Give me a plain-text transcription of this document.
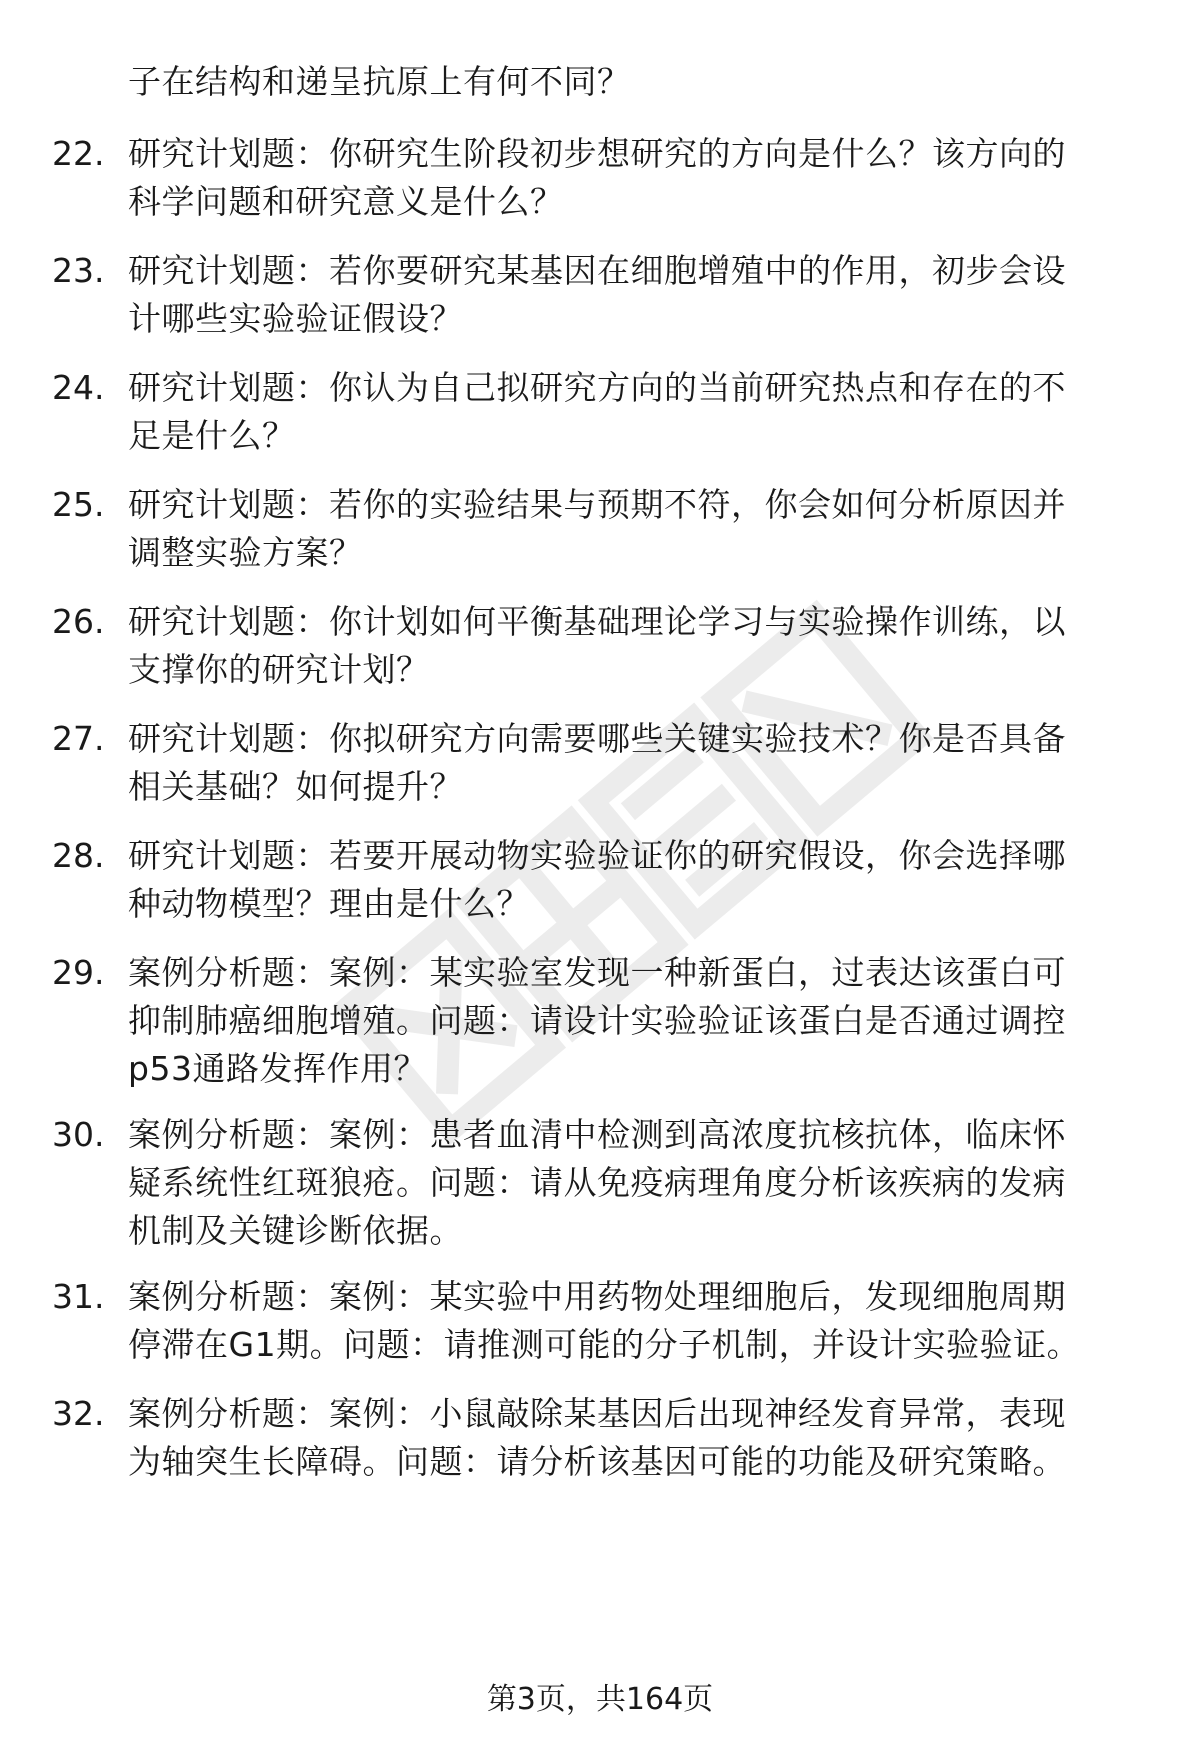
子在结构和递呈抗原上有何不同？
22. 研究计划题：你研究生阶段初步想研究的方向是什么？该方向的
科学问题和研究意义是什么？
23. 研究计划题：若你要研究某基因在细胞增殖中的作用，初步会设
计哪些实验验证假设？
24. 研究计划题：你认为自己拟研究方向的当前研究热点和存在的不
足是什么？
25. 研究计划题：若你的实验结果与预期不符，你会如何分析原因并
调整实验方案？
26. 研究计划题：你计划如何平衡基础理论学习与实验操作训练，以
支撑你的研究计划？
27. 研究计划题：你拟研究方向需要哪些关键实验技术？你是否具备
相关基础？如何提升？
28. 研究计划题：若要开展动物实验验证你的研究假设，你会选择哪
种动物模型？理由是什么？
29. 案例分析题：案例：某实验室发现一种新蛋白，过表达该蛋白可
抑制肺癌细胞增殖。问题：请设计实验验证该蛋白是否通过调控
p53通路发挥作用？
30. 案例分析题：案例：患者血清中检测到高浓度抗核抗体，临床怀
疑系统性红斑狼疮。问题：请从免疫病理角度分析该疾病的发病
机制及关键诊断依据。
31. 案例分析题：案例：某实验中用药物处理细胞后，发现细胞周期
停滞在G1期。问题：请推测可能的分子机制，并设计实验验证。
32. 案例分析题：案例：小鼠敲除某基因后出现神经发育异常，表现
为轴突生长障碍。问题：请分析该基因可能的功能及研究策略。
第3页，共164页
